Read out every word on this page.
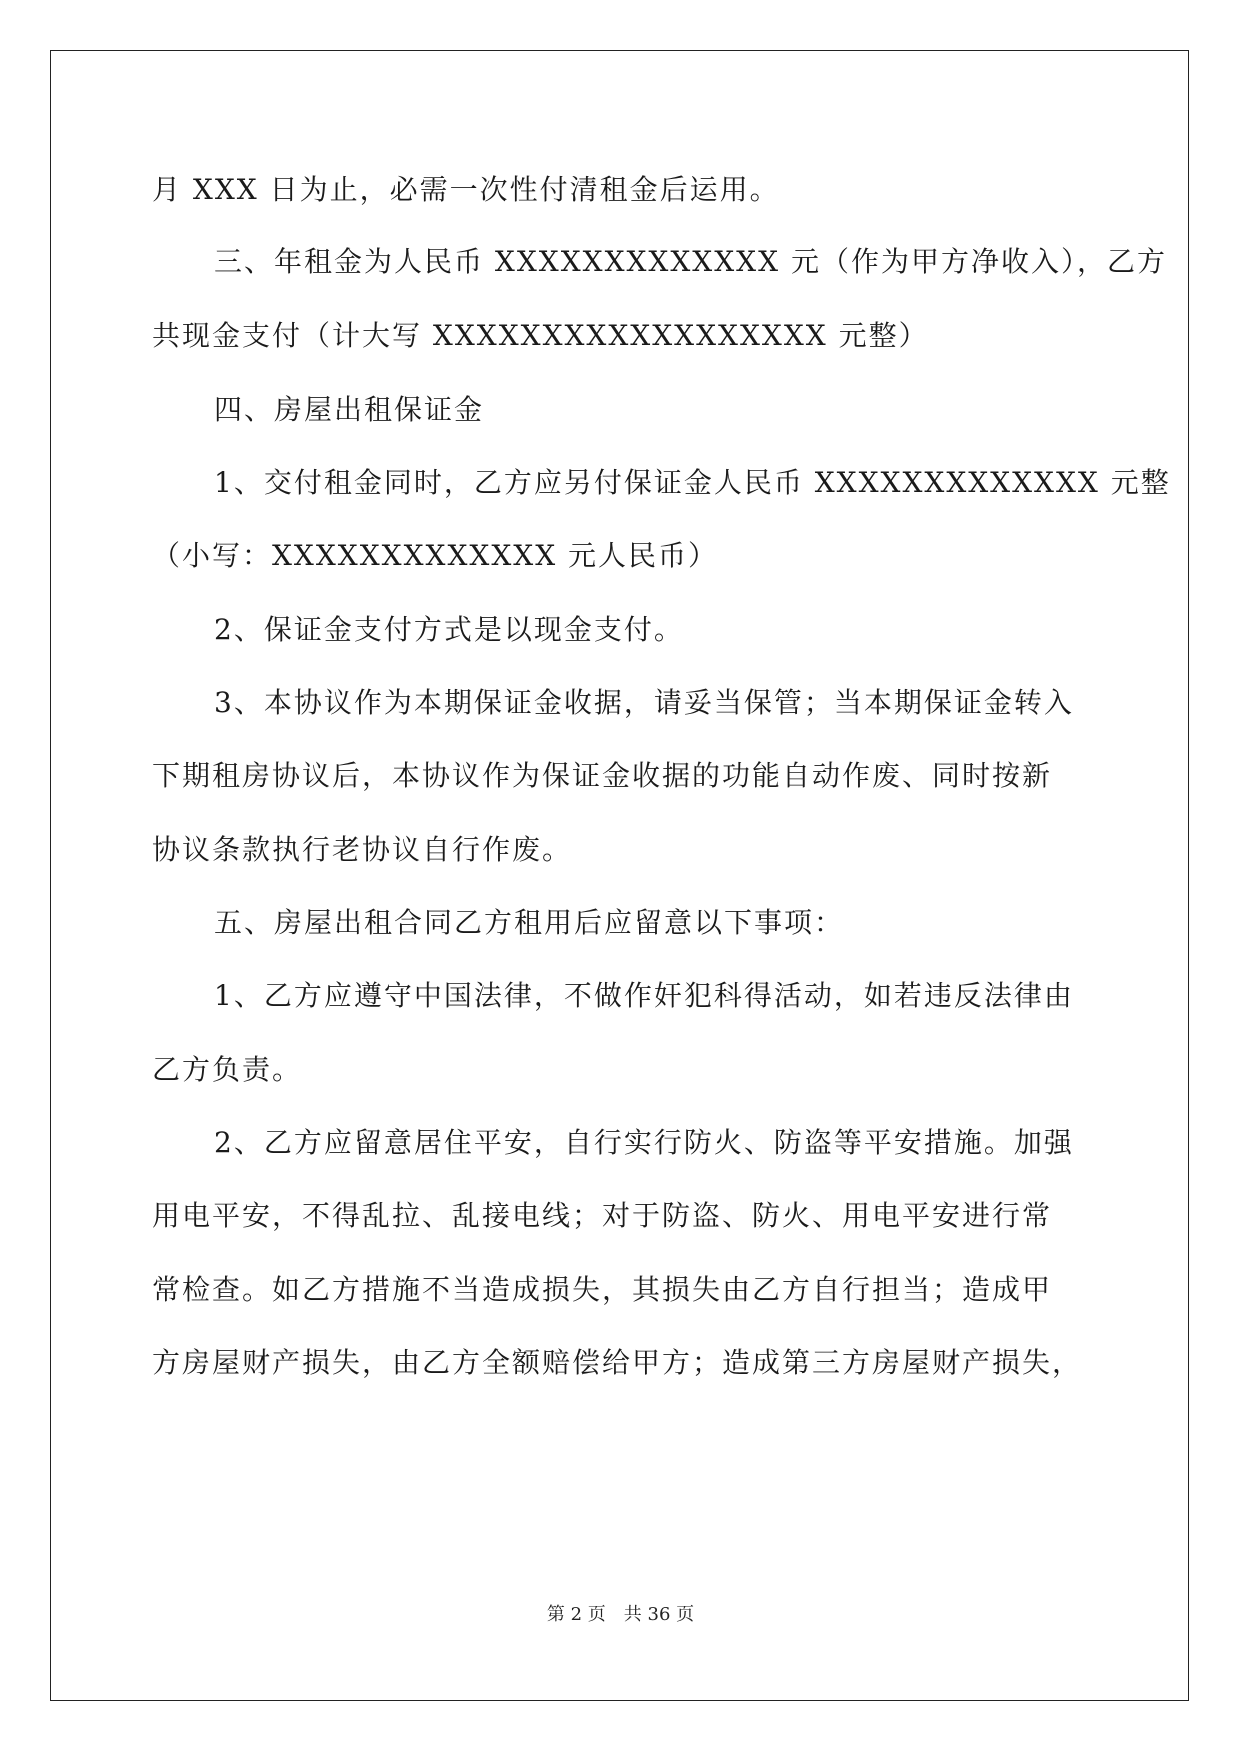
月 XXX 日为止，必需一次性付清租金后运用。
三、年租金为人民币 XXXXXXXXXXXXX 元（作为甲方净收入），乙方
共现金支付（计大写 XXXXXXXXXXXXXXXXXX 元整）
四、房屋出租保证金
1、交付租金同时，乙方应另付保证金人民币 XXXXXXXXXXXXX 元整
（小写：XXXXXXXXXXXXX 元人民币）
2、保证金支付方式是以现金支付。
3、本协议作为本期保证金收据，请妥当保管；当本期保证金转入
下期租房协议后，本协议作为保证金收据的功能自动作废、同时按新
协议条款执行老协议自行作废。
五、房屋出租合同乙方租用后应留意以下事项：
1、乙方应遵守中国法律，不做作奸犯科得活动，如若违反法律由
乙方负责。
2、乙方应留意居住平安，自行实行防火、防盗等平安措施。加强
用电平安，不得乱拉、乱接电线；对于防盗、防火、用电平安进行常
常检查。如乙方措施不当造成损失，其损失由乙方自行担当；造成甲
方房屋财产损失，由乙方全额赔偿给甲方；造成第三方房屋财产损失，
第 2 页 共 36 页
